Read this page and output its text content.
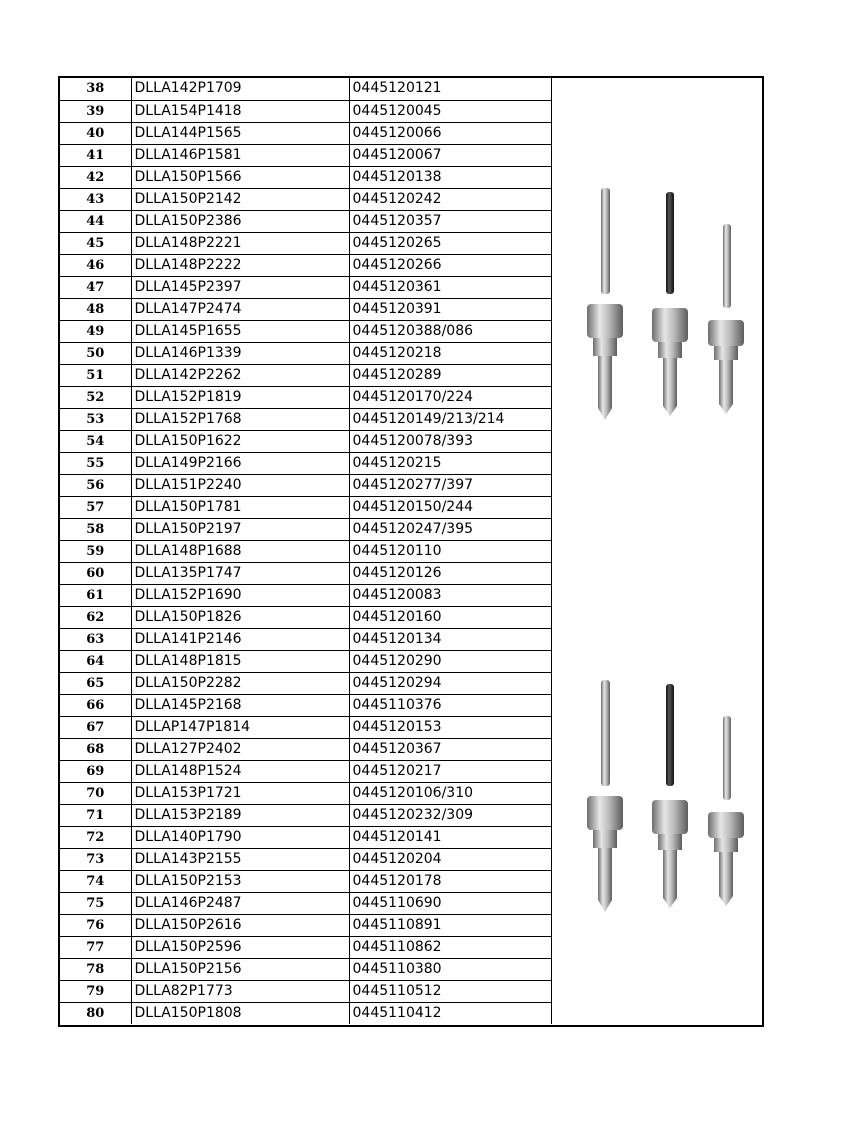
38	DLLA142P1709	0445120121
39	DLLA154P1418	0445120045
40	DLLA144P1565	0445120066
41	DLLA146P1581	0445120067
42	DLLA150P1566	0445120138
43	DLLA150P2142	0445120242
44	DLLA150P2386	0445120357
45	DLLA148P2221	0445120265
46	DLLA148P2222	0445120266
47	DLLA145P2397	0445120361
48	DLLA147P2474	0445120391
49	DLLA145P1655	0445120388/086
50	DLLA146P1339	0445120218
51	DLLA142P2262	0445120289
52	DLLA152P1819	0445120170/224
53	DLLA152P1768	0445120149/213/214
54	DLLA150P1622	0445120078/393
55	DLLA149P2166	0445120215
56	DLLA151P2240	0445120277/397
57	DLLA150P1781	0445120150/244
58	DLLA150P2197	0445120247/395
59	DLLA148P1688	0445120110
60	DLLA135P1747	0445120126
61	DLLA152P1690	0445120083
62	DLLA150P1826	0445120160
63	DLLA141P2146	0445120134
64	DLLA148P1815	0445120290
65	DLLA150P2282	0445120294
66	DLLA145P2168	0445110376
67	DLLAP147P1814	0445120153
68	DLLA127P2402	0445120367
69	DLLA148P1524	0445120217
70	DLLA153P1721	0445120106/310
71	DLLA153P2189	0445120232/309
72	DLLA140P1790	0445120141
73	DLLA143P2155	0445120204
74	DLLA150P2153	0445120178
75	DLLA146P2487	0445110690
76	DLLA150P2616	0445110891
77	DLLA150P2596	0445110862
78	DLLA150P2156	0445110380
79	DLLA82P1773	0445110512
80	DLLA150P1808	0445110412
